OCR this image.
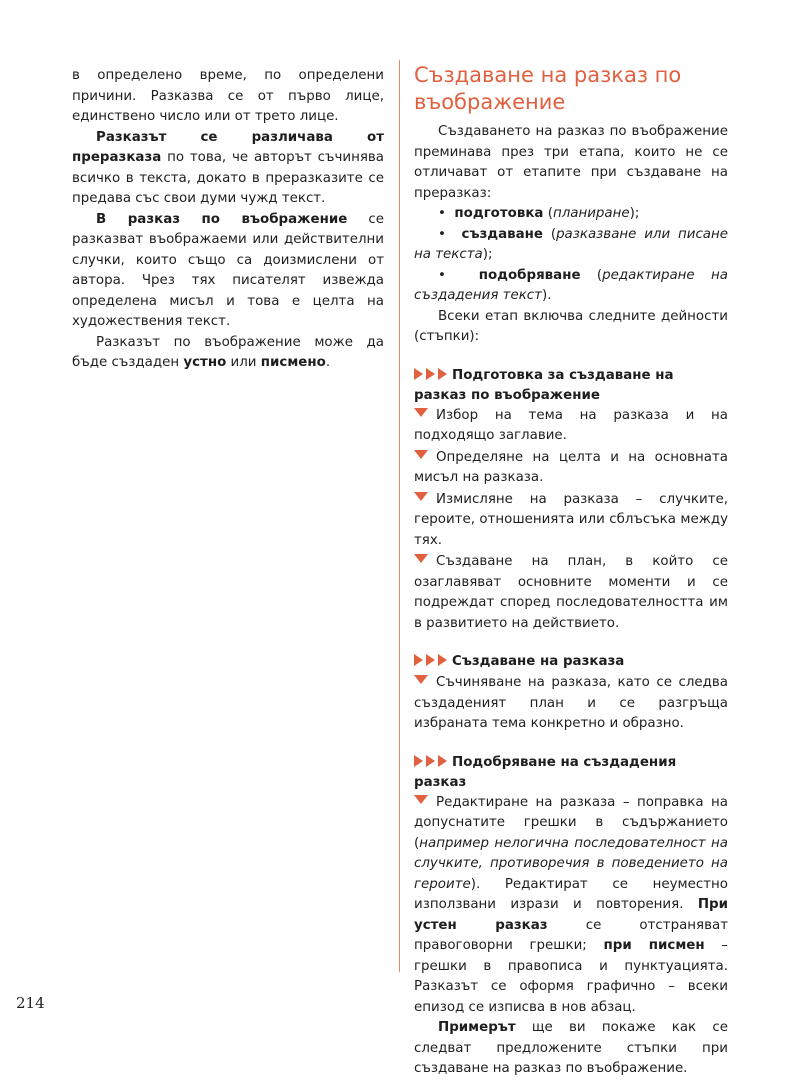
в определено време, по определени причини. Разказва се от първо лице, единствено число или от трето лице.

Разказът се различава от преразказа по това, че авторът съчинява всичко в текста, докато в преразказите се предава със свои думи чужд текст.

В разказ по въображение се разказват въображаеми или действителни случки, които също са доизмислени от автора. Чрез тях писателят извежда определена мисъл и това е целта на художествения текст.

Разказът по въображение може да бъде създаден устно или писмено.

Създаване на разказ по въображение

Създаването на разказ по въображение преминава през три етапа, които не се отличават от етапите при създаване на преразказ:

•  подготовка (планиране);
•  създаване (разказване или писане на текста);
•  подобряване (редактиране на създадения текст).

Всеки етап включва следните дейности (стъпки):

Подготовка за създаване на разказ по въображение
Избор на тема на разказа и на подходящо заглавие.
Определяне на целта и на основната мисъл на разказа.
Измисляне на разказа – случките, героите, отношенията или сблъсъка между тях.
Създаване на план, в който се озаглавяват основните моменти и се подреждат според последователността им в развитието на действието.
Създаване на разказа
Съчиняване на разказа, като се следва създаденият план и се разгръща избраната тема конкретно и образно.
Подобряване на създадения разказ
Редактиране на разказа – поправка на допуснатите грешки в съдържанието (например нелогична последователност на случките, противоречия в поведението на героите). Редактират се неуместно използвани изрази и повторения. При устен разказ се отстраняват правоговорни грешки; при писмен – грешки в правописа и пунктуацията. Разказът се оформя графично – всеки епизод се изписва в нов абзац.

Примерът ще ви покаже как се следват предложените стъпки при създаване на разказ по въображение.

214
